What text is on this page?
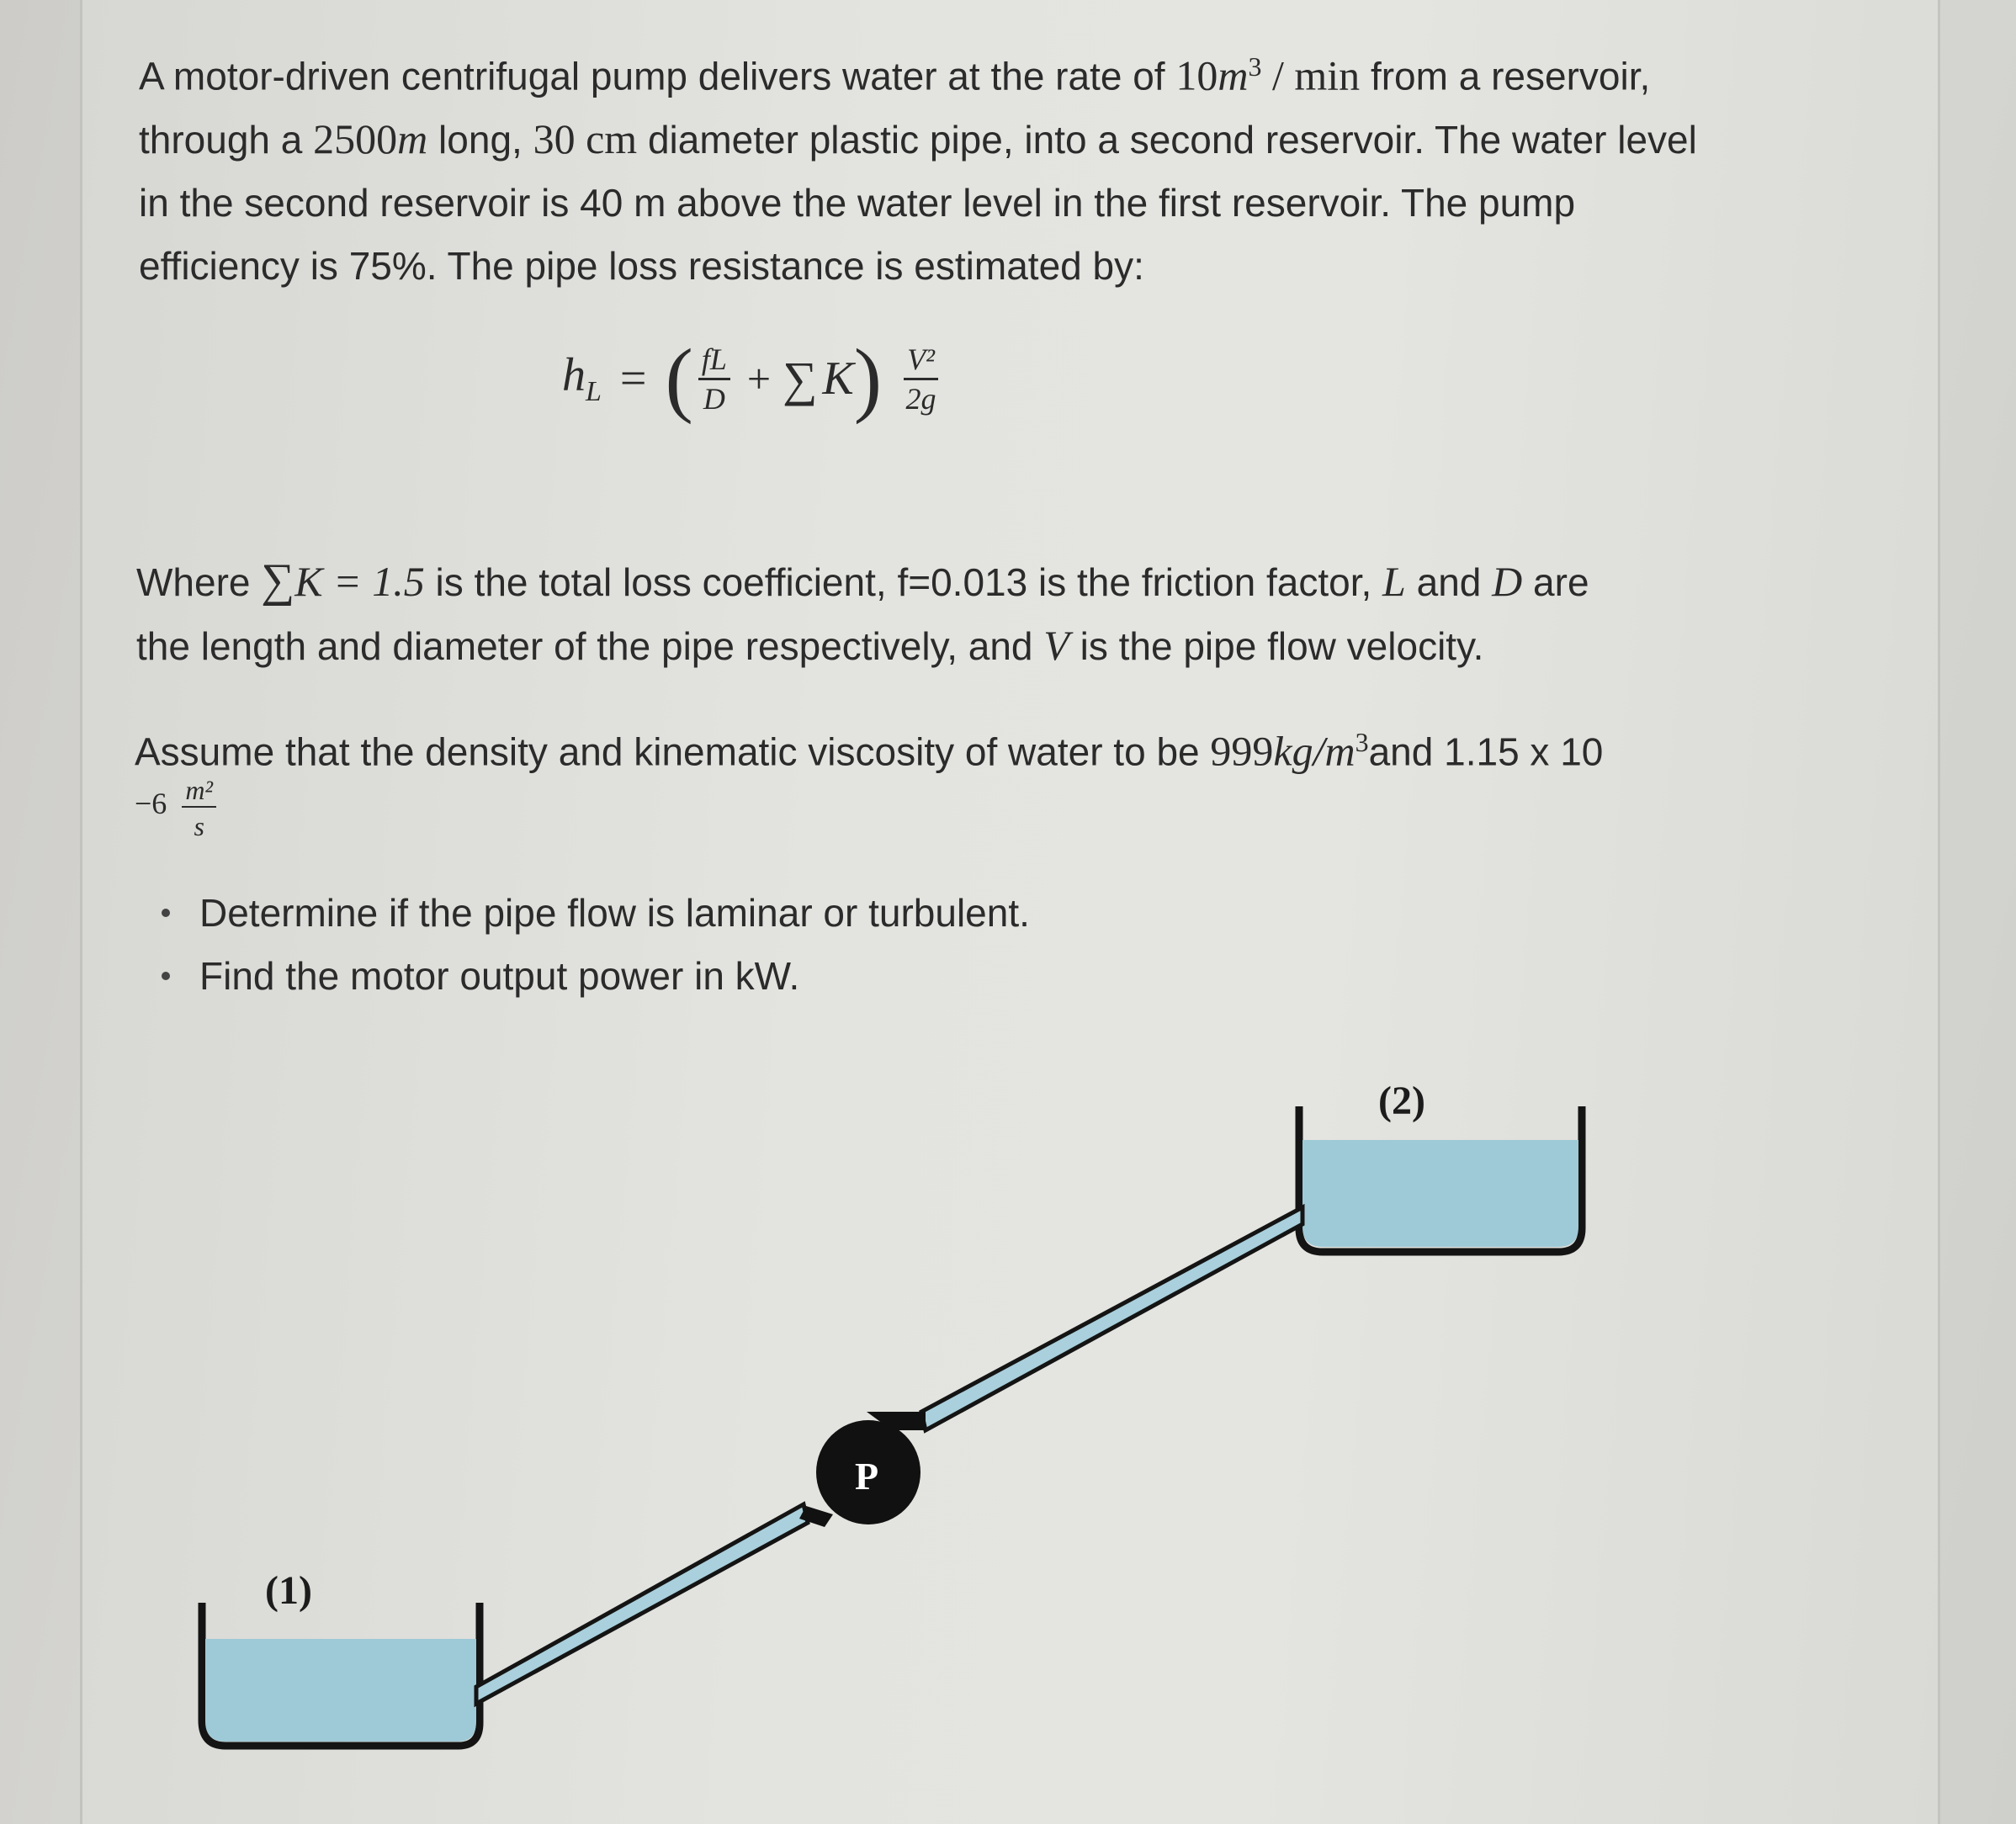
A motor-driven centrifugal pump delivers water at the rate of $10m^3$ / min from a reservoir,
through a 2500m long, 30 cm diameter plastic pipe, into a second reservoir. The water level
in the second reservoir is 40 m above the water level in the first reservoir. The pump
efficiency is 75%. The pipe loss resistance is estimated by:
$h_L$ = ( $\frac{fL}{D}$ + ∑ K ) $\frac{\text{V²}}{2g}$
Where ∑K = 1.5 is the total loss coefficient, f=0.013 is the friction factor, L and D are
the length and diameter of the pipe respectively, and V is the pipe flow velocity.
Assume that the density and kinematic viscosity of water to be $999kg/m^3and$ 1.15 x 10
$-6 \frac{\text{m²}}{s}$
Determine if the pipe flow is laminar or turbulent.
Find the motor output power in kW.
(1)
(2)
P
